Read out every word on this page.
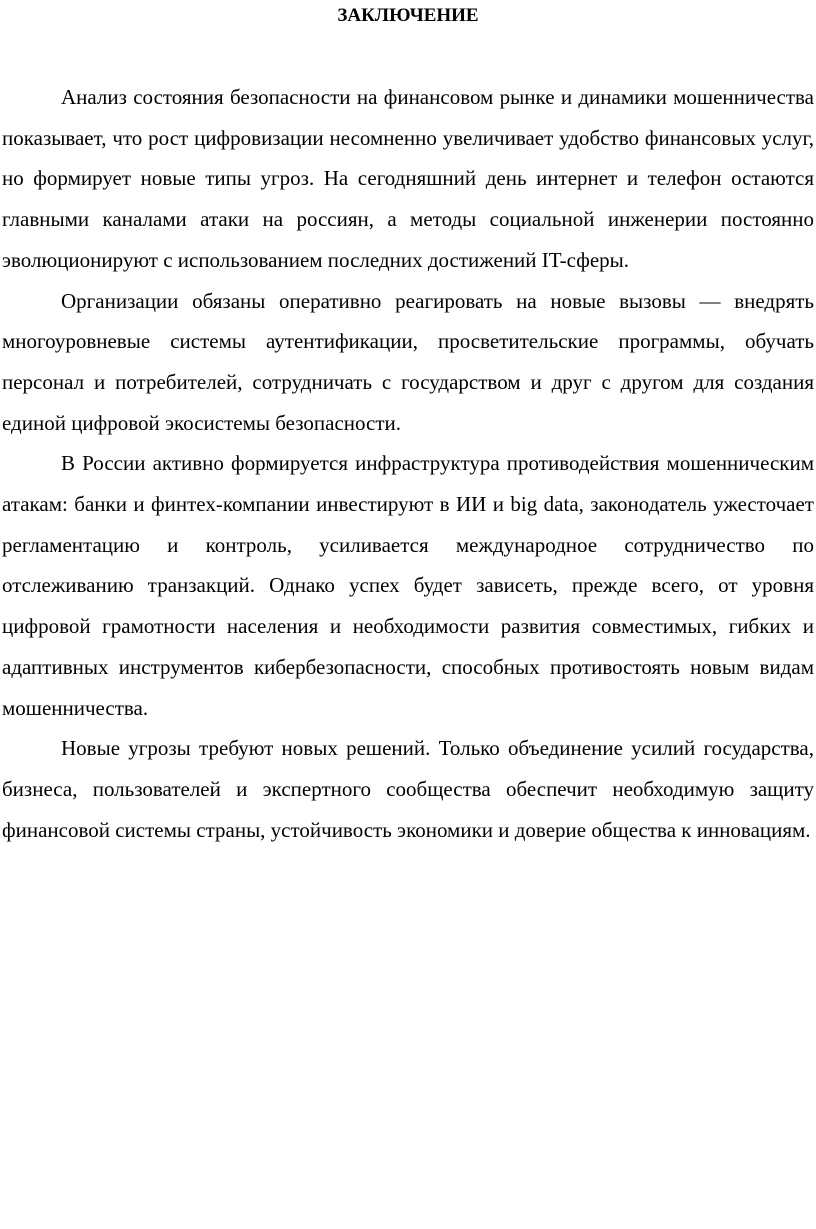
ЗАКЛЮЧЕНИЕ

Анализ состояния безопасности на финансовом рынке и динамики мошенничества показывает, что рост цифровизации несомненно увеличивает удобство финансовых услуг, но формирует новые типы угроз. На сегодняшний день интернет и телефон остаются главными каналами атаки на россиян, а методы социальной инженерии постоянно эволюционируют с использованием последних достижений IT-сферы.

Организации обязаны оперативно реагировать на новые вызовы — внедрять многоуровневые системы аутентификации, просветительские программы, обучать персонал и потребителей, сотрудничать с государством и друг с другом для создания единой цифровой экосистемы безопасности.

В России активно формируется инфраструктура противодействия мошенническим атакам: банки и финтех-компании инвестируют в ИИ и big data, законодатель ужесточает регламентацию и контроль, усиливается международное сотрудничество по отслеживанию транзакций. Однако успех будет зависеть, прежде всего, от уровня цифровой грамотности населения и необходимости развития совместимых, гибких и адаптивных инструментов кибербезопасности, способных противостоять новым видам мошенничества.

Новые угрозы требуют новых решений. Только объединение усилий государства, бизнеса, пользователей и экспертного сообщества обеспечит необходимую защиту финансовой системы страны, устойчивость экономики и доверие общества к инновациям.
